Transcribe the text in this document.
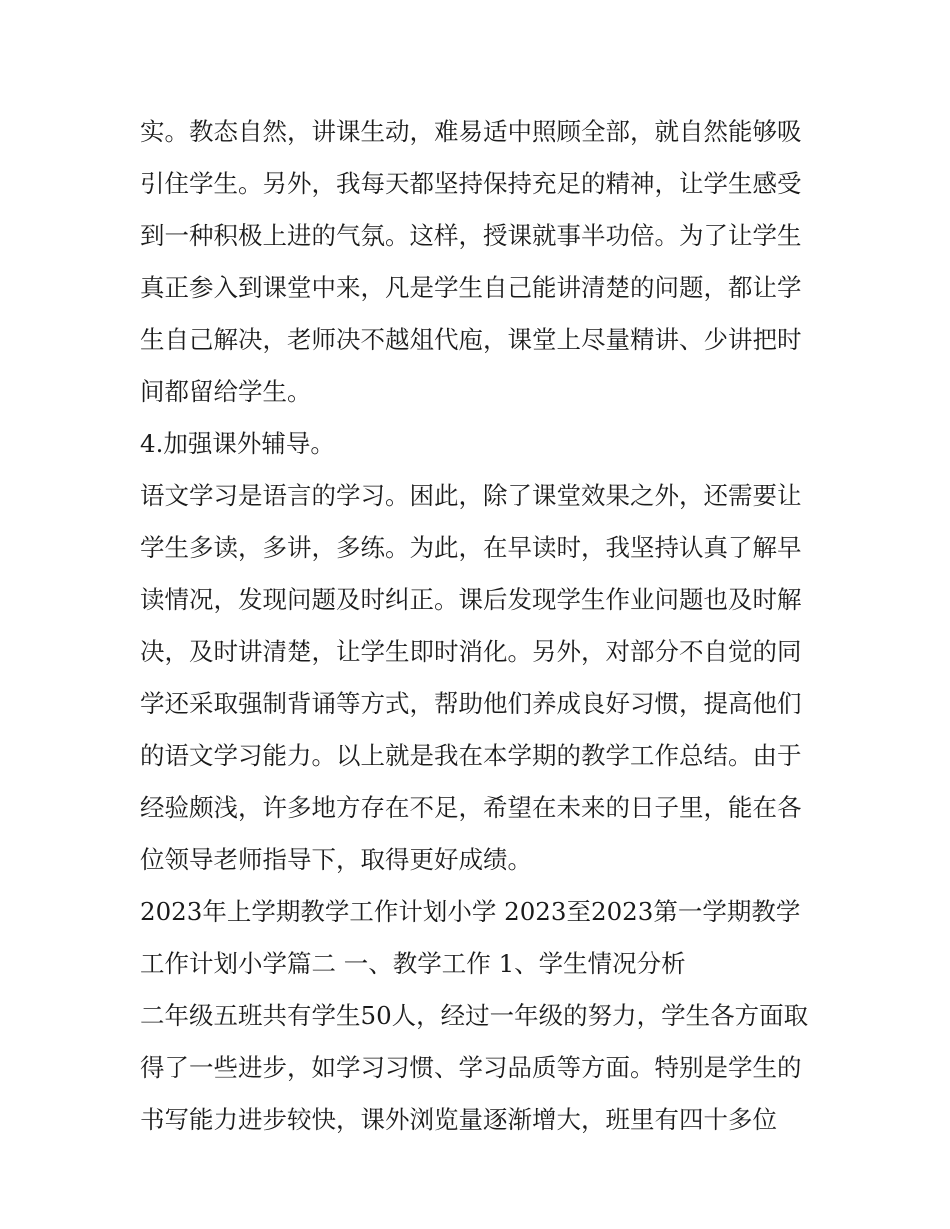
实。教态自然，讲课生动，难易适中照顾全部，就自然能够吸引住学生。另外，我每天都坚持保持充足的精神，让学生感受到一种积极上进的气氛。这样，授课就事半功倍。为了让学生真正参入到课堂中来，凡是学生自己能讲清楚的问题，都让学生自己解决，老师决不越俎代庖，课堂上尽量精讲、少讲把时间都留给学生。

4.加强课外辅导。

语文学习是语言的学习。困此，除了课堂效果之外，还需要让学生多读，多讲，多练。为此，在早读时，我坚持认真了解早读情况，发现问题及时纠正。课后发现学生作业问题也及时解决，及时讲清楚，让学生即时消化。另外，对部分不自觉的同学还采取强制背诵等方式，帮助他们养成良好习惯，提高他们的语文学习能力。以上就是我在本学期的教学工作总结。由于经验颇浅，许多地方存在不足，希望在未来的日子里，能在各位领导老师指导下，取得更好成绩。

2023年上学期教学工作计划小学 2023至2023第一学期教学工作计划小学篇二 一、教学工作 1、学生情况分析

二年级五班共有学生50人，经过一年级的努力，学生各方面取得了一些进步，如学习习惯、学习品质等方面。特别是学生的书写能力进步较快，课外浏览量逐渐增大，班里有四十多位
